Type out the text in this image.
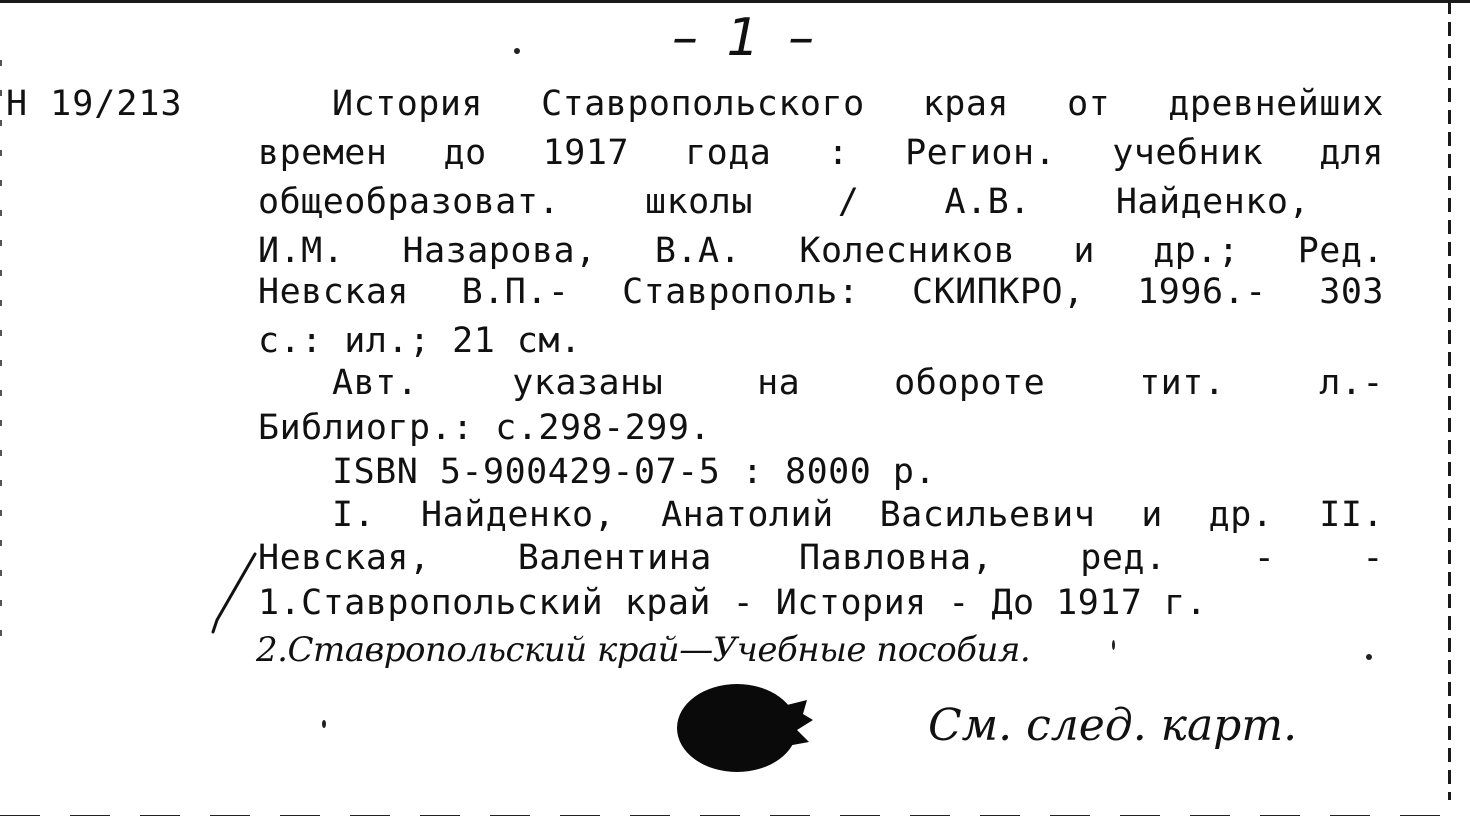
– 1 –
Н 19/213	История Ставропольского края от древнейших
времен до 1917 года : Регион. учебник для
общеобразоват. школы / А.В. Найденко,
И.М. Назарова, В.А. Колесников и др.; Ред.
Невская В.П.- Ставрополь: СКИПКРО, 1996.- 303
с.: ил.; 21 см.
Авт. указаны на обороте тит. л.-
Библиогр.: с.298-299.
ISBN 5-900429-07-5 : 8000 р.
I. Найденко, Анатолий Васильевич и др. II.
Невская, Валентина Павловна, ред. - -
1.Ставропольский край - История - До 1917 г.
2.Ставропольский край—Учебные пособия.
См. след. карт.
